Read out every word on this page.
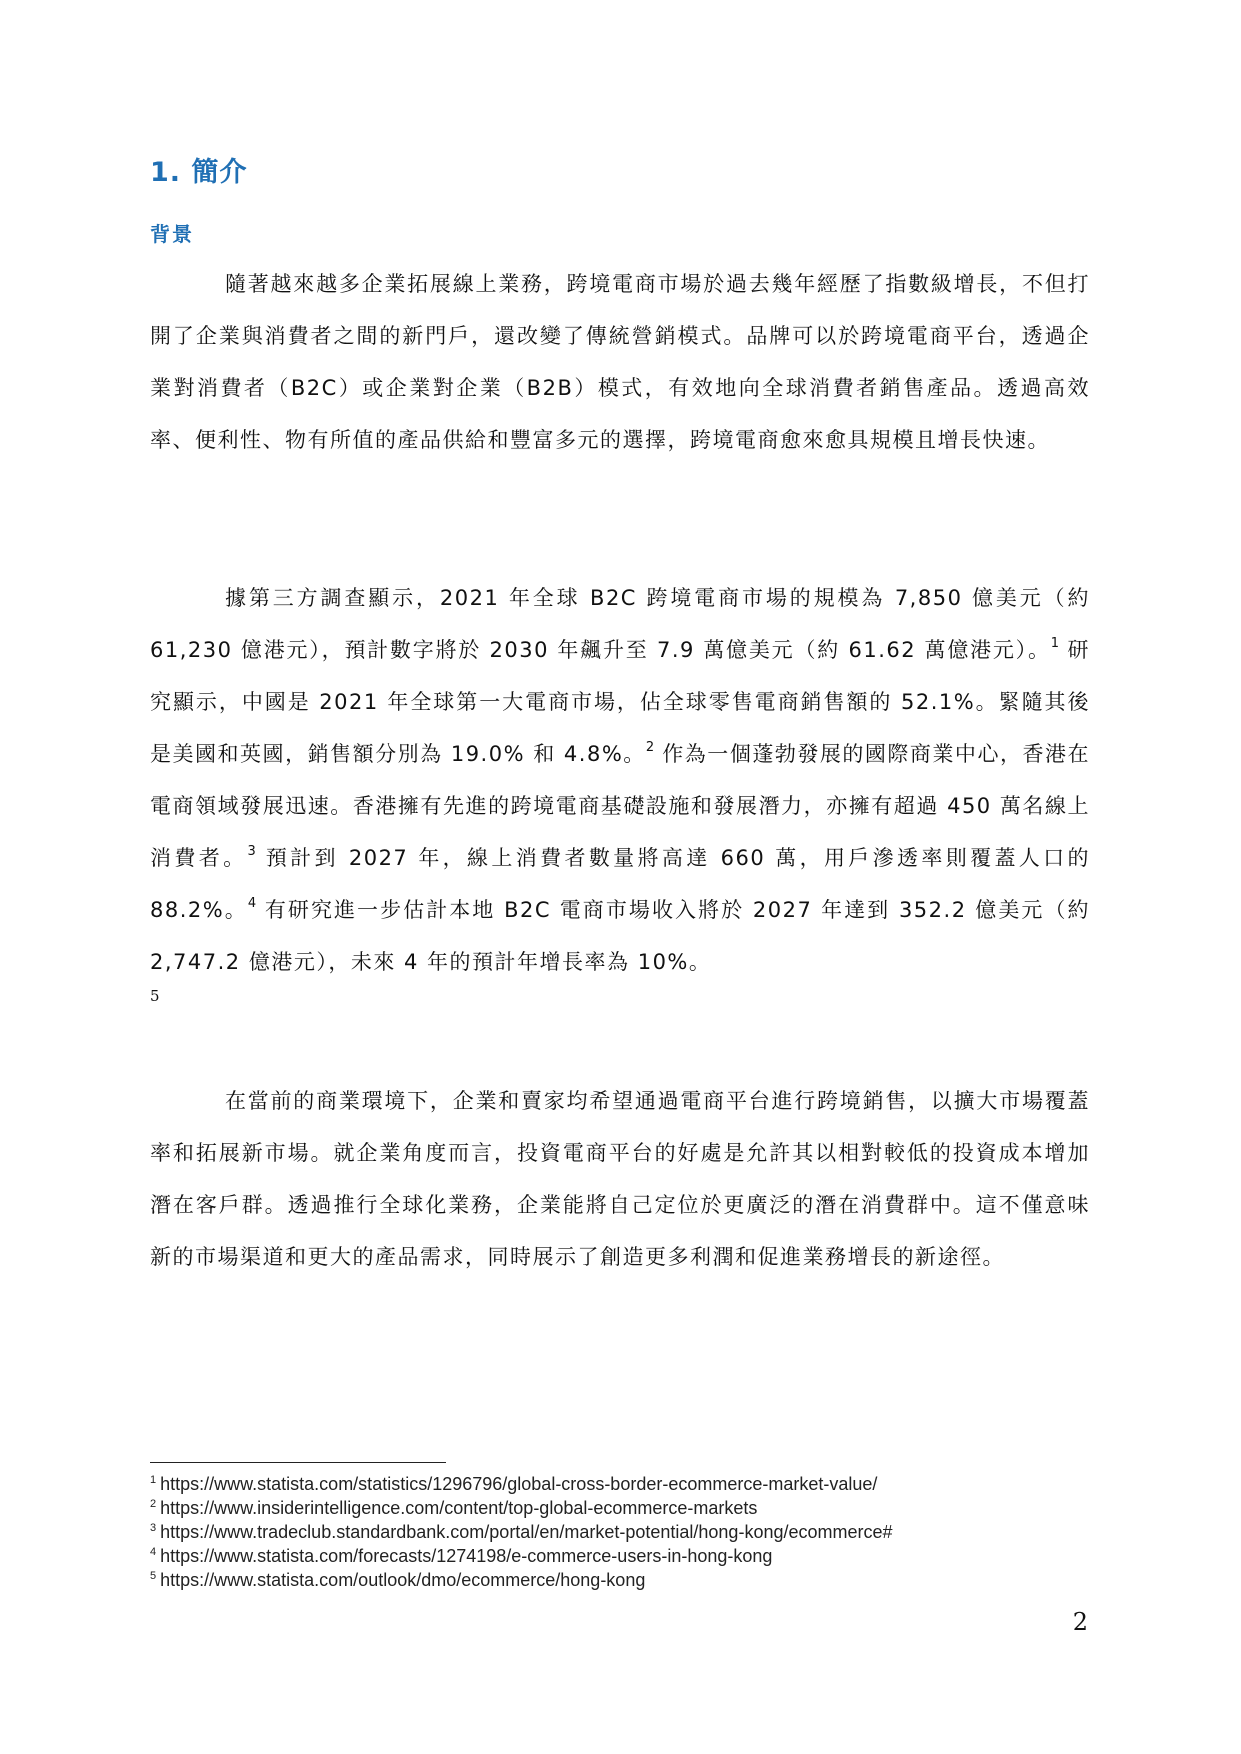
1. 簡介
背景

隨著越來越多企業拓展線上業務，跨境電商市場於過去幾年經歷了指數級增長，不但打開了企業與消費者之間的新門戶，還改變了傳統營銷模式。品牌可以於跨境電商平台，透過企業對消費者（B2C）或企業對企業（B2B）模式，有效地向全球消費者銷售產品。透過高效率、便利性、物有所值的產品供給和豐富多元的選擇，跨境電商愈來愈具規模且增長快速。

據第三方調查顯示，2021 年全球 B2C 跨境電商市場的規模為 7,850 億美元（約 61,230 億港元），預計數字將於 2030 年飆升至 7.9 萬億美元（約 61.62 萬億港元）。$^1$ 研究顯示，中國是 2021 年全球第一大電商市場，佔全球零售電商銷售額的 52.1%。緊隨其後是美國和英國，銷售額分別為 19.0% 和 4.8%。$^2$ 作為一個蓬勃發展的國際商業中心，香港在電商領域發展迅速。香港擁有先進的跨境電商基礎設施和發展潛力，亦擁有超過 450 萬名線上消費者。$^3$ 預計到 2027 年，線上消費者數量將高達 660 萬，用戶滲透率則覆蓋人口的 88.2%。$^4$ 有研究進一步估計本地 B2C 電商市場收入將於 2027 年達到 352.2 億美元（約 2,747.2 億港元），未來 4 年的預計年增長率為 10%。

5

在當前的商業環境下，企業和賣家均希望通過電商平台進行跨境銷售，以擴大市場覆蓋率和拓展新市場。就企業角度而言，投資電商平台的好處是允許其以相對較低的投資成本增加潛在客戶群。透過推行全球化業務，企業能將自己定位於更廣泛的潛在消費群中。這不僅意味新的市場渠道和更大的產品需求，同時展示了創造更多利潤和促進業務增長的新途徑。

$^1$ https://www.statista.com/statistics/1296796/global-cross-border-ecommerce-market-value/
$^2$ https://www.insiderintelligence.com/content/top-global-ecommerce-markets
$^3$ https://www.tradeclub.standardbank.com/portal/en/market-potential/hong-kong/ecommerce#
$^4$ https://www.statista.com/forecasts/1274198/e-commerce-users-in-hong-kong
$^5$ https://www.statista.com/outlook/dmo/ecommerce/hong-kong
2
